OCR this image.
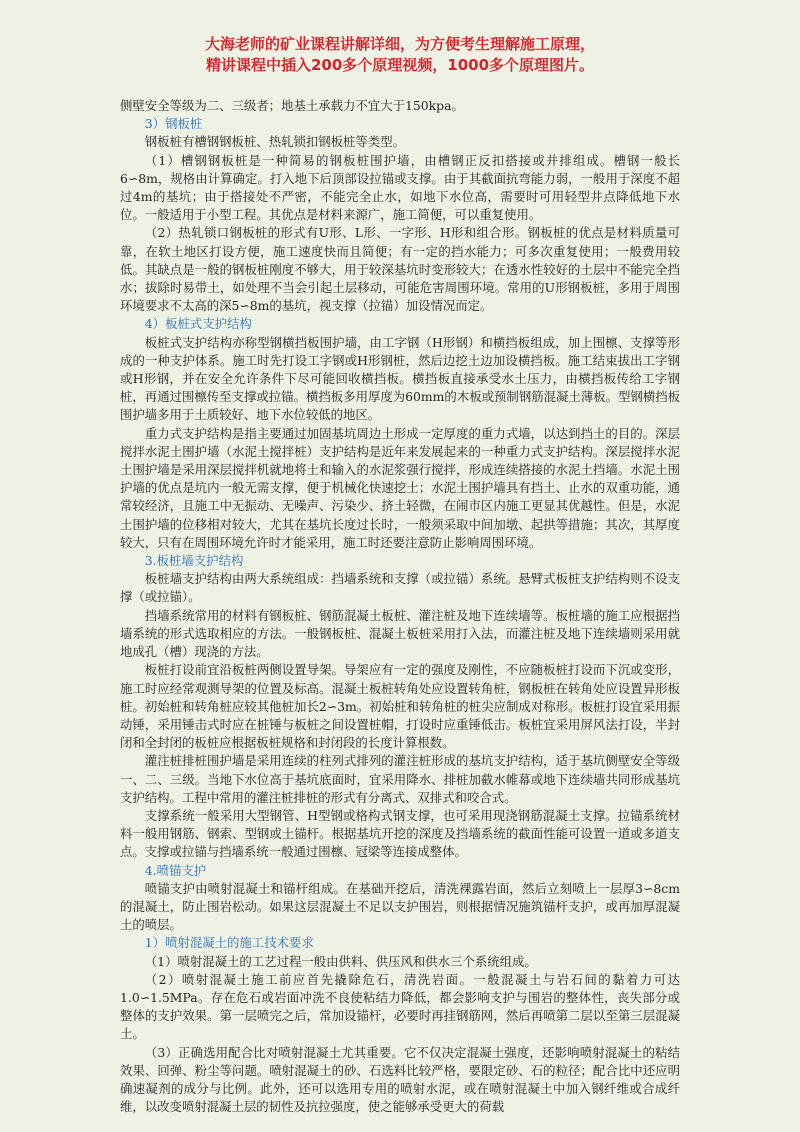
大海老师的矿业课程讲解详细，为方便考生理解施工原理，
精讲课程中插入200多个原理视频，1000多个原理图片。

侧壁安全等级为二、三级者；地基土承载力不宜大于150kpa。

3）钢板桩

钢板桩有槽钢钢板桩、热轧锁扣钢板桩等类型。

（1）槽钢钢板桩是一种简易的钢板桩围护墙，由槽钢正反扣搭接或并排组成。槽钢一般长6∽8m，规格由计算确定。打入地下后顶部设拉锚或支撑。由于其截面抗弯能力弱，一般用于深度不超过4m的基坑；由于搭接处不严密，不能完全止水，如地下水位高，需要时可用轻型井点降低地下水位。一般适用于小型工程。其优点是材料来源广，施工简便，可以重复使用。

（2）热轧锁口钢板桩的形式有U形、L形、一字形、H形和组合形。钢板桩的优点是材料质量可靠，在软土地区打设方便，施工速度快而且简便；有一定的挡水能力；可多次重复使用；一般费用较低。其缺点是一般的钢板桩刚度不够大，用于较深基坑时变形较大；在透水性较好的土层中不能完全挡水；拔除时易带土，如处理不当会引起土层移动，可能危害周围环境。常用的U形钢板桩，多用于周围环境要求不太高的深5∽8m的基坑，视支撑（拉锚）加设情况而定。

4）板桩式支护结构

板桩式支护结构亦称型钢横挡板围护墙，由工字钢（H形钢）和横挡板组成，加上围檩、支撑等形成的一种支护体系。施工时先打设工字钢或H形钢桩，然后边挖土边加设横挡板。施工结束拔出工字钢或H形钢，并在安全允许条件下尽可能回收横挡板。横挡板直接承受水土压力，由横挡板传给工字钢桩，再通过围檩传至支撑或拉锚。横挡板多用厚度为60mm的木板或预制钢筋混凝土薄板。型钢横挡板围护墙多用于土质较好、地下水位较低的地区。

重力式支护结构是指主要通过加固基坑周边土形成一定厚度的重力式墙，以达到挡土的目的。深层搅拌水泥土围护墙（水泥土搅拌桩）支护结构是近年来发展起来的一种重力式支护结构。深层搅拌水泥土围护墙是采用深层搅拌机就地将土和输入的水泥浆强行搅拌，形成连续搭接的水泥土挡墙。水泥土围护墙的优点是坑内一般无需支撑，便于机械化快速挖土；水泥土围护墙具有挡土、止水的双重功能，通常较经济，且施工中无振动、无噪声、污染少、挤土轻微，在闹市区内施工更显其优越性。但是，水泥土围护墙的位移相对较大，尤其在基坑长度过长时，一般须采取中间加墩、起拱等措施；其次，其厚度较大，只有在周围环境允许时才能采用，施工时还要注意防止影响周围环境。

3.板桩墙支护结构

板桩墙支护结构由两大系统组成：挡墙系统和支撑（或拉锚）系统。悬臂式板桩支护结构则不设支撑（或拉锚）。

挡墙系统常用的材料有钢板桩、钢筋混凝土板桩、灌注桩及地下连续墙等。板桩墙的施工应根据挡墙系统的形式选取相应的方法。一般钢板桩、混凝土板桩采用打入法，而灌注桩及地下连续墙则采用就地成孔（槽）现浇的方法。

板桩打设前宜沿板桩两侧设置导架。导架应有一定的强度及刚性，不应随板桩打设而下沉或变形，施工时应经常观测导架的位置及标高。混凝土板桩转角处应设置转角桩，钢板桩在转角处应设置异形板桩。初始桩和转角桩应较其他桩加长2∽3m。初始桩和转角桩的桩尖应制成对称形。板桩打设宜采用振动锤，采用锤击式时应在桩锤与板桩之间设置桩帽，打设时应重锤低击。板桩宜采用屏风法打设，半封闭和全封闭的板桩应根据板桩规格和封闭段的长度计算根数。

灌注桩排桩围护墙是采用连续的柱列式排列的灌注桩形成的基坑支护结构，适于基坑侧壁安全等级一、二、三级。当地下水位高于基坑底面时，宜采用降水、排桩加截水帷幕或地下连续墙共同形成基坑支护结构。工程中常用的灌注桩排桩的形式有分离式、双排式和咬合式。

支撑系统一般采用大型钢管、H型钢或格构式钢支撑，也可采用现浇钢筋混凝土支撑。拉锚系统材料一般用钢筋、钢索、型钢或土锚杆。根据基坑开挖的深度及挡墙系统的截面性能可设置一道或多道支点。支撑或拉锚与挡墙系统一般通过围檩、冠梁等连接成整体。

4.喷锚支护

喷锚支护由喷射混凝土和锚杆组成。在基础开挖后，清洗裸露岩面，然后立刻喷上一层厚3∽8cm的混凝土，防止围岩松动。如果这层混凝土不足以支护围岩，则根据情况施筑锚杆支护，或再加厚混凝土的喷层。

1）喷射混凝土的施工技术要求

（1）喷射混凝土的工艺过程一般由供料、供压风和供水三个系统组成。

（2）喷射混凝土施工前应首先撬除危石，清洗岩面。一般混凝土与岩石间的黏着力可达1.0∽1.5MPa。存在危石或岩面冲洗不良使粘结力降低，都会影响支护与围岩的整体性，丧失部分或整体的支护效果。第一层喷完之后，常加设锚杆，必要时再挂钢筋网，然后再喷第二层以至第三层混凝土。

（3）正确选用配合比对喷射混凝土尤其重要。它不仅决定混凝土强度，还影响喷射混凝土的粘结效果、回弹、粉尘等问题。喷射混凝土的砂、石选料比较严格，要限定砂、石的粒径；配合比中还应明确速凝剂的成分与比例。此外，还可以选用专用的喷射水泥，或在喷射混凝土中加入钢纤维或合成纤维，以改变喷射混凝土层的韧性及抗拉强度，使之能够承受更大的荷载
